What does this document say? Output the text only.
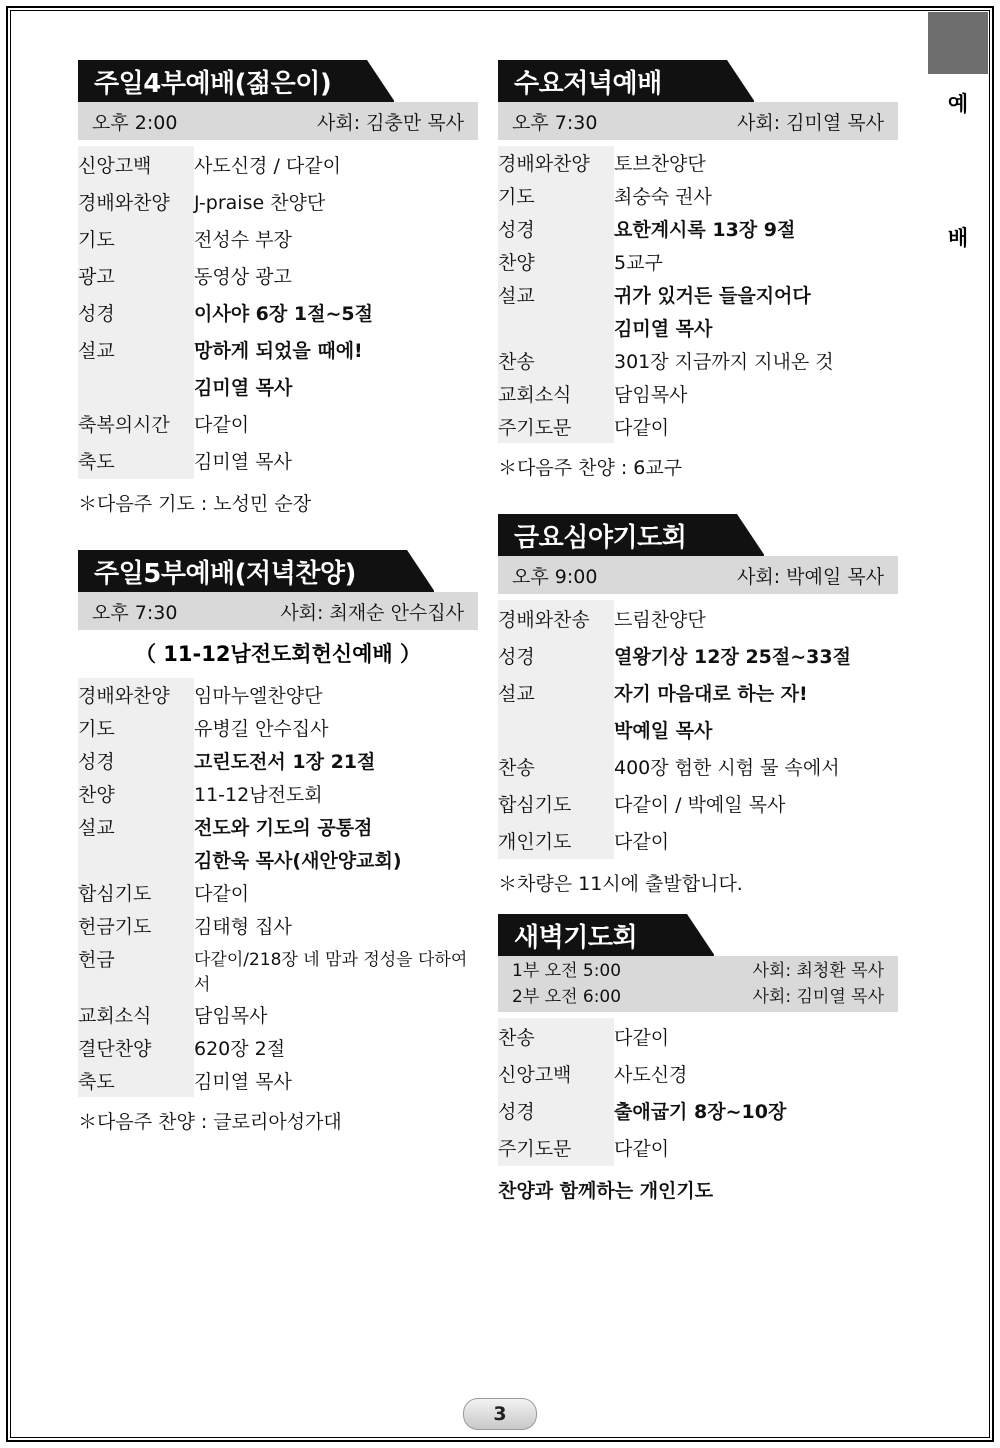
예
배
주일4부예배(젊은이)
오후 2:00	사회: 김충만 목사
신앙고백	사도신경 / 다같이
경배와찬양	J-praise 찬양단
기도	전성수 부장
광고	동영상 광고
성경	이사야 6장 1절~5절
설교	망하게 되었을 때에!
	김미열 목사
축복의시간	다같이
축도	김미열 목사
＊다음주 기도 : 노성민 순장
주일5부예배(저녁찬양)
오후 7:30	사회: 최재순 안수집사
（ 11-12남전도회헌신예배 ）
경배와찬양	임마누엘찬양단
기도	유병길 안수집사
성경	고린도전서 1장 21절
찬양	11-12남전도회
설교	전도와 기도의 공통점
	김한욱 목사(새안양교회)
합심기도	다같이
헌금기도	김태형 집사
헌금	다같이/218장 네 맘과 정성을 다하여서
교회소식	담임목사
결단찬양	620장 2절
축도	김미열 목사
＊다음주 찬양 : 글로리아성가대
수요저녁예배
오후 7:30	사회: 김미열 목사
경배와찬양	토브찬양단
기도	최숭숙 권사
성경	요한계시록 13장 9절
찬양	5교구
설교	귀가 있거든 들을지어다
	김미열 목사
찬송	301장 지금까지 지내온 것
교회소식	담임목사
주기도문	다같이
＊다음주 찬양 : 6교구
금요심야기도회
오후 9:00	사회: 박예일 목사
경배와찬송	드림찬양단
성경	열왕기상 12장 25절~33절
설교	자기 마음대로 하는 자!
	박예일 목사
찬송	400장 험한 시험 물 속에서
합심기도	다같이 / 박예일 목사
개인기도	다같이
＊차량은 11시에 출발합니다.
새벽기도회
1부 오전 5:00	사회: 최청환 목사
2부 오전 6:00	사회: 김미열 목사
찬송	다같이
신앙고백	사도신경
성경	출애굽기 8장~10장
주기도문	다같이
찬양과 함께하는 개인기도
3
